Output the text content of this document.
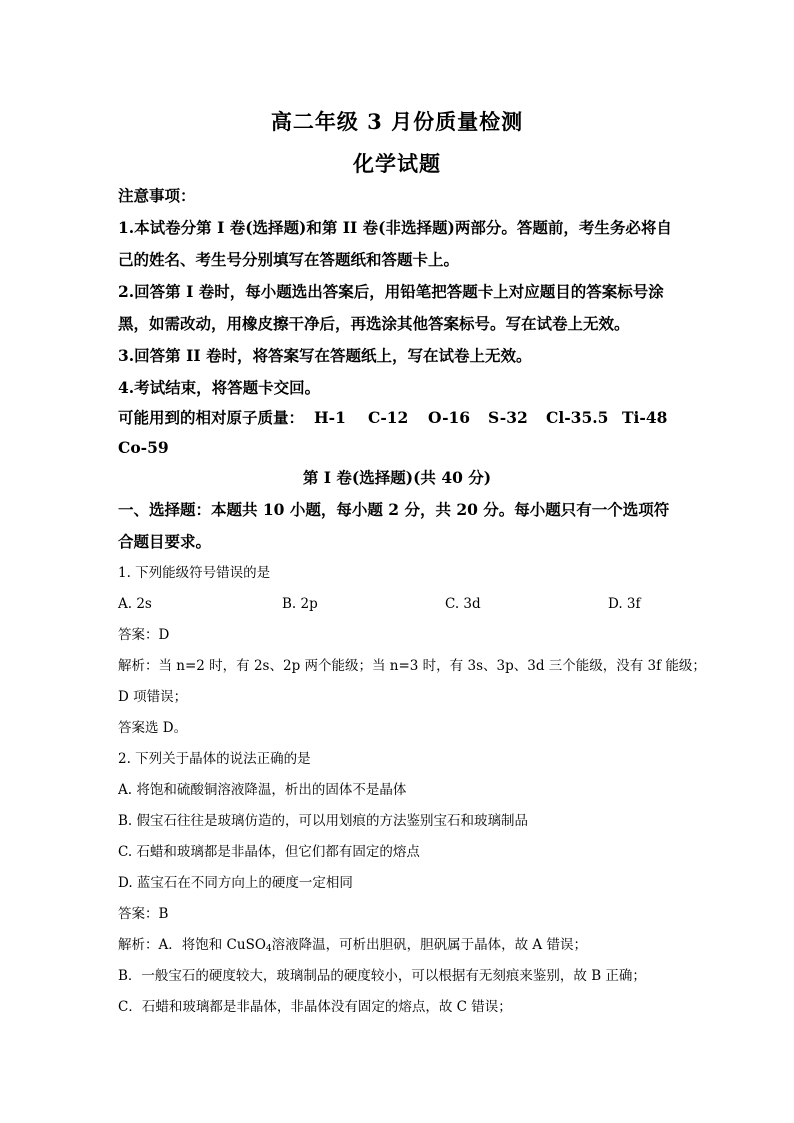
高二年级 3 月份质量检测
化学试题
注意事项：
1.本试卷分第 I 卷(选择题)和第 II 卷(非选择题)两部分。答题前，考生务必将自
己的姓名、考生号分别填写在答题纸和答题卡上。
2.回答第 I 卷时，每小题选出答案后，用铅笔把答题卡上对应题目的答案标号涂
黑，如需改动，用橡皮擦干净后，再选涂其他答案标号。写在试卷上无效。
3.回答第 II 卷时，将答案写在答题纸上，写在试卷上无效。
4.考试结束，将答题卡交回。
可能用到的相对原子质量： H-1 C-12 O-16 S-32 Cl-35.5 Ti-48
Co-59
第 I 卷(选择题)(共 40 分)
一、选择题：本题共 10 小题，每小题 2 分，共 20 分。每小题只有一个选项符
合题目要求。
1. 下列能级符号错误的是
A. 2s	B. 2p	C. 3d	D. 3f
答案：D
解析：当 n=2 时，有 2s、2p 两个能级；当 n=3 时，有 3s、3p、3d 三个能级，没有 3f 能级；
D 项错误；
答案选 D。
2. 下列关于晶体的说法正确的是
A. 将饱和硫酸铜溶液降温，析出的固体不是晶体
B. 假宝石往往是玻璃仿造的，可以用划痕的方法鉴别宝石和玻璃制品
C. 石蜡和玻璃都是非晶体，但它们都有固定的熔点
D. 蓝宝石在不同方向上的硬度一定相同
答案：B
解析：A．将饱和 CuSO$_4$溶液降温，可析出胆矾，胆矾属于晶体，故 A 错误；
B．一般宝石的硬度较大，玻璃制品的硬度较小，可以根据有无刻痕来鉴别，故 B 正确；
C．石蜡和玻璃都是非晶体，非晶体没有固定的熔点，故 C 错误；
